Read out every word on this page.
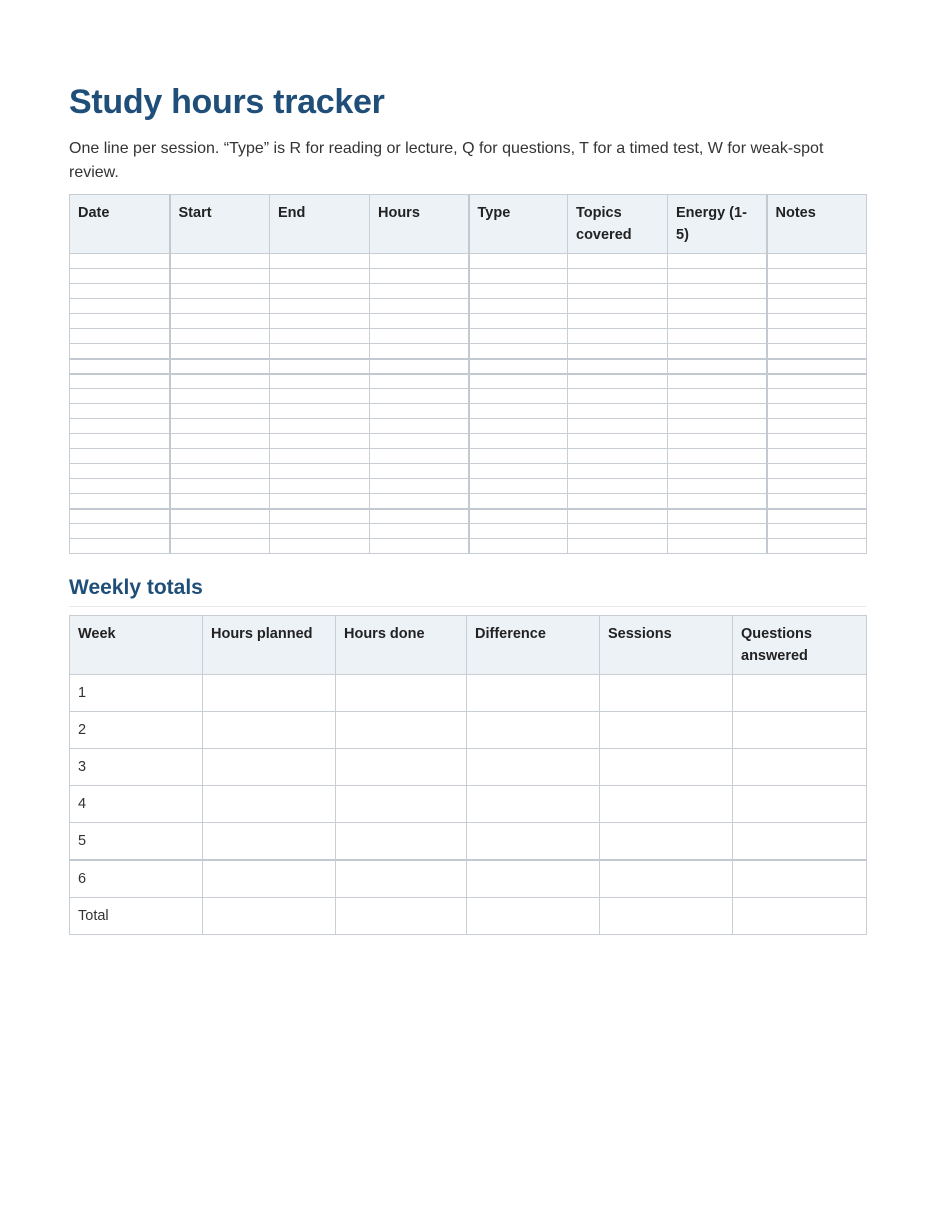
Study hours tracker

One line per session. “Type” is R for reading or lecture, Q for questions, T for a timed test, W for weak-spot review.

Date	Start	End	Hours	Type	Topics covered	Energy (1-5)	Notes

Weekly totals
Week	Hours planned	Hours done	Difference	Sessions	Questions answered

1					
2					
3					
4					
5					
6					
Total					
